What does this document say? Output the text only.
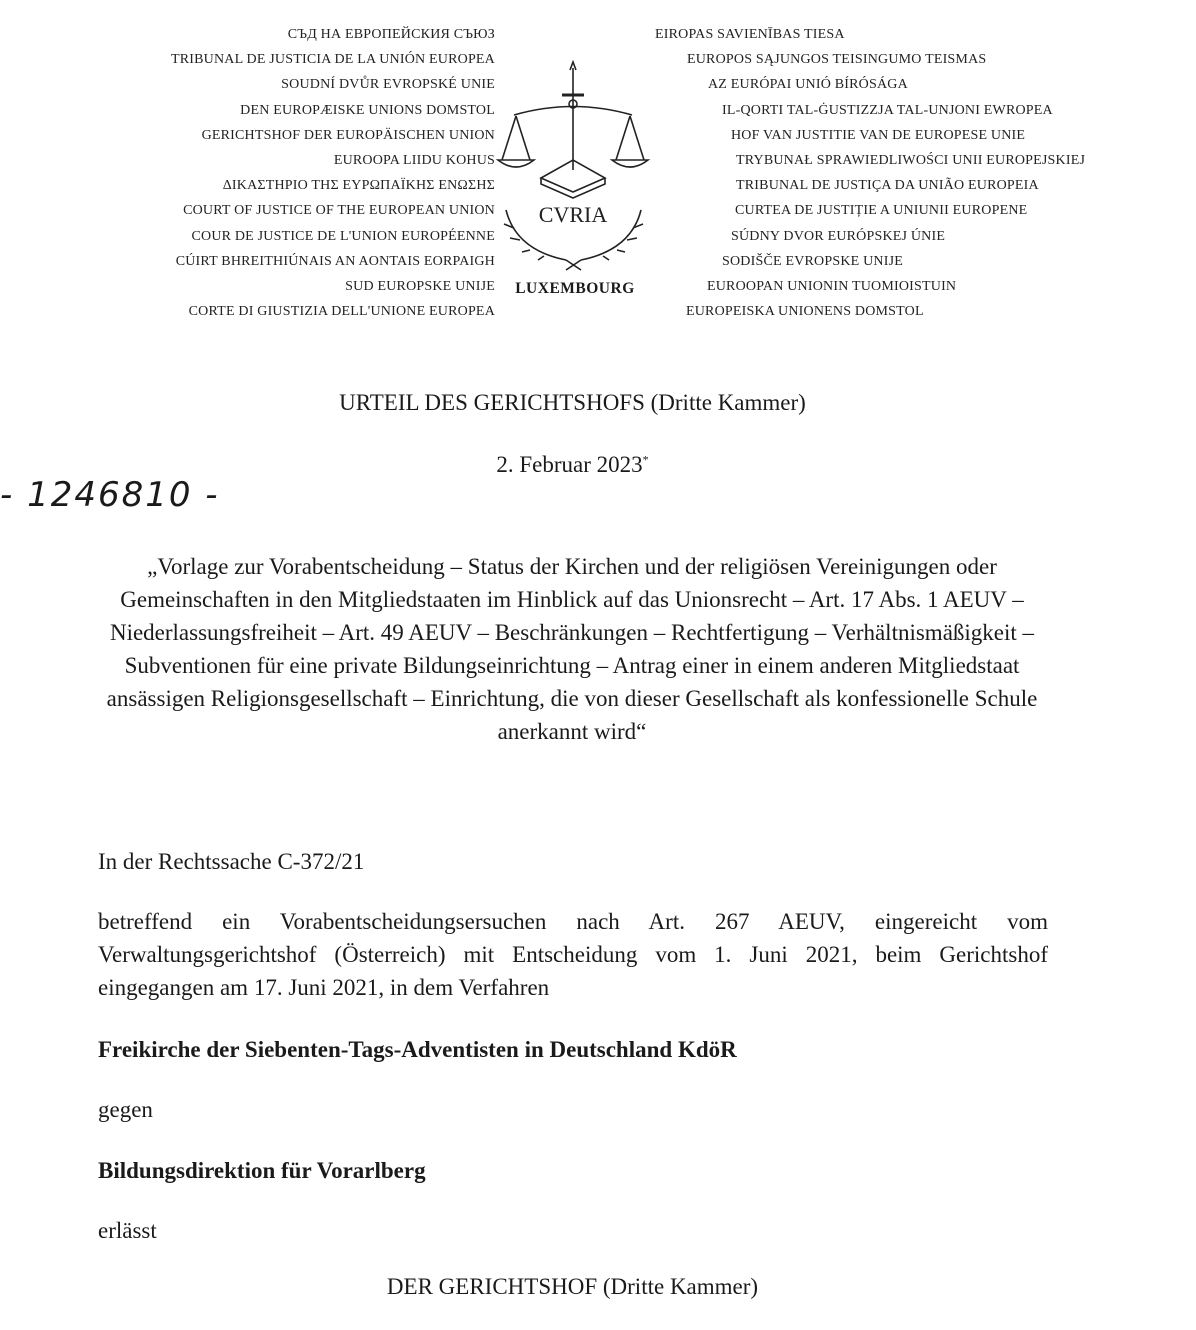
СЪД НА ЕВРОПЕЙСКИЯ СЪЮЗ
TRIBUNAL DE JUSTICIA DE LA UNIÓN EUROPEA
SOUDNÍ DVŮR EVROPSKÉ UNIE
DEN EUROPÆISKE UNIONS DOMSTOL
GERICHTSHOF DER EUROPÄISCHEN UNION
EUROOPA LIIDU KOHUS
ΔΙΚΑΣΤΗΡΙΟ ΤΗΣ ΕΥΡΩΠΑΪΚΗΣ ΕΝΩΣΗΣ
COURT OF JUSTICE OF THE EUROPEAN UNION
COUR DE JUSTICE DE L'UNION EUROPÉENNE
CÚIRT BHREITHIÚNAIS AN AONTAIS EORPAIGH
SUD EUROPSKE UNIJE
CORTE DI GIUSTIZIA DELL'UNIONE EUROPEA
EIROPAS SAVIENĪBAS TIESA
EUROPOS SĄJUNGOS TEISINGUMO TEISMAS
AZ EURÓPAI UNIÓ BÍRÓSÁGA
IL-QORTI TAL-ĠUSTIZZJA TAL-UNJONI EWROPEA
HOF VAN JUSTITIE VAN DE EUROPESE UNIE
TRYBUNAŁ SPRAWIEDLIWOŚCI UNII EUROPEJSKIEJ
TRIBUNAL DE JUSTIÇA DA UNIÃO EUROPEIA
CURTEA DE JUSTIȚIE A UNIUNII EUROPENE
SÚDNY DVOR EURÓPSKEJ ÚNIE
SODIŠČE EVROPSKE UNIJE
EUROOPAN UNIONIN TUOMIOISTUIN
EUROPEISKA UNIONENS DOMSTOL
CVRIA
LUXEMBOURG
URTEIL DES GERICHTSHOFS (Dritte Kammer)
2. Februar 2023*
- 1246810 -
„Vorlage zur Vorabentscheidung – Status der Kirchen und der religiösen Vereinigungen oder Gemeinschaften in den Mitgliedstaaten im Hinblick auf das Unionsrecht – Art. 17 Abs. 1 AEUV – Niederlassungsfreiheit – Art. 49 AEUV – Beschränkungen – Rechtfertigung – Verhältnismäßigkeit – Subventionen für eine private Bildungseinrichtung – Antrag einer in einem anderen Mitgliedstaat ansässigen Religionsgesellschaft – Einrichtung, die von dieser Gesellschaft als konfessionelle Schule anerkannt wird“
In der Rechtssache C-372/21
betreffend ein Vorabentscheidungsersuchen nach Art. 267 AEUV, eingereicht vom Verwaltungsgerichtshof (Österreich) mit Entscheidung vom 1. Juni 2021, beim Gerichtshof eingegangen am 17. Juni 2021, in dem Verfahren
Freikirche der Siebenten-Tags-Adventisten in Deutschland KdöR
gegen
Bildungsdirektion für Vorarlberg
erlässt
DER GERICHTSHOF (Dritte Kammer)
